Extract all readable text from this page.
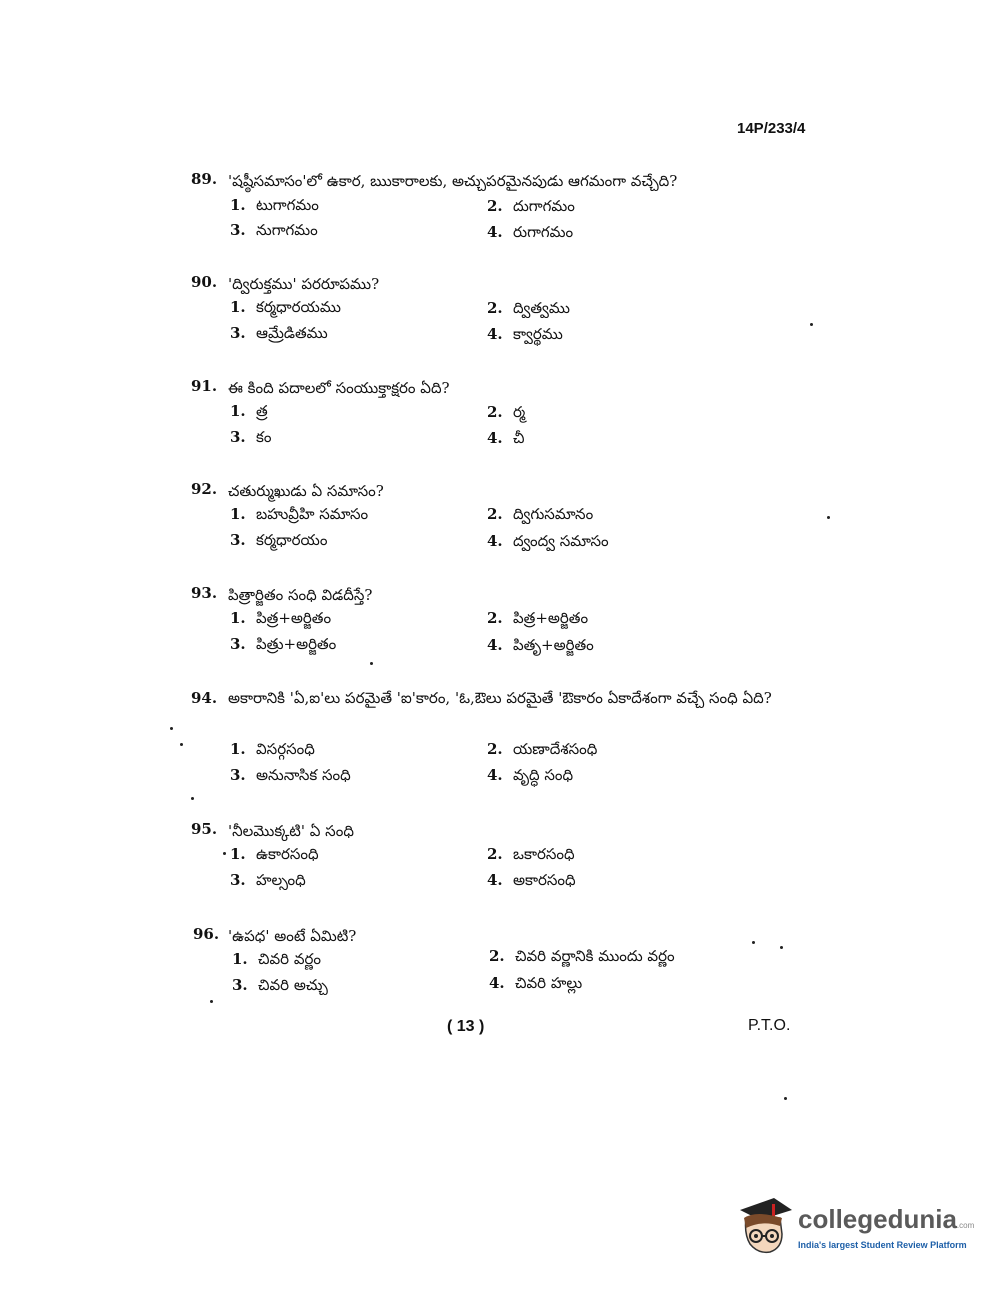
14P/233/4
89. 'షష్ఠీసమాసం'లో ఉకార, ఋకారాలకు, అచ్చుపరమైనపుడు ఆగమంగా వచ్చేది?
1. టుగాగమం	2. దుగాగమం
3. నుగాగమం	4. రుగాగమం
90. 'ద్విరుక్తము' పరరూపము?
1. కర్మధారయము	2. ద్విత్వము
3. ఆమ్రేడితము	4. క్వార్థము
91. ఈ కింది పదాలలో సంయుక్తాక్షరం ఏది?
1. త్ర	2. ర్మ
3. కం	4. చీ
92. చతుర్ముఖుడు ఏ సమాసం?
1. బహువ్రీహి సమాసం	2. ద్విగుసమానం
3. కర్మధారయం	4. ద్వంద్వ సమాసం
93. పిత్రార్జితం సంధి విడదీస్తే?
1. పిత్ర+అర్జితం	2. పిత్ర+అర్జితం
3. పిత్రు+అర్జితం	4. పితృ+అర్జితం
94. అకారానికి 'ఏ,ఐ'లు పరమైతే 'ఐ'కారం, 'ఓ,ఔలు పరమైతే 'ఔకారం ఏకాదేశంగా వచ్చే సంధి ఏది?
1. విసర్గసంధి	2. యణాదేశసంధి
3. అనునాసిక సంధి	4. వృద్ధి సంధి
95. 'నీలమొక్కటి' ఏ సంధి
1. ఉకారసంధి	2. ఒకారసంధి
3. హల్సంధి	4. అకారసంధి
96. 'ఉపధ' అంటే ఏమిటి?
1. చివరి వర్ణం	2. చివరి వర్ణానికి ముందు వర్ణం
3. చివరి అచ్చు	4. చివరి హల్లు
( 13 )	P.T.O.
collegedunia.com
India's largest Student Review Platform
